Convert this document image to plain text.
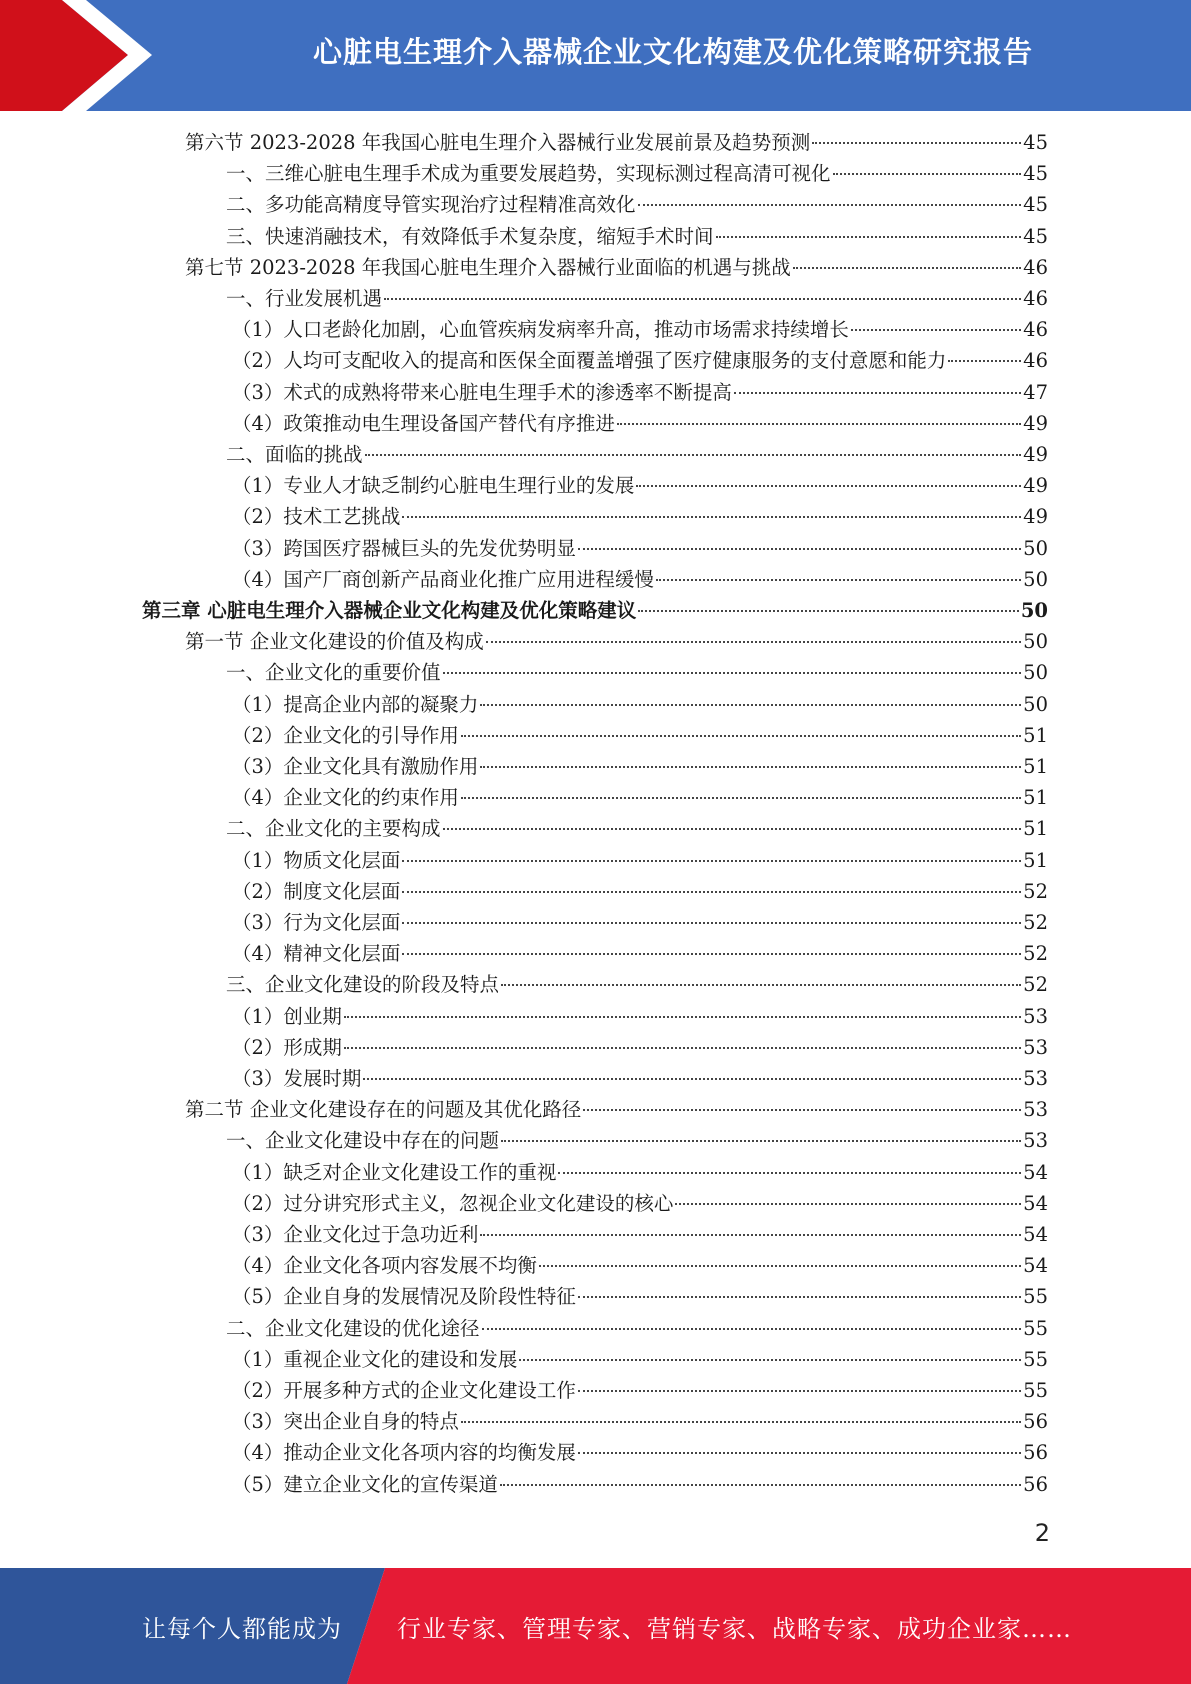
心脏电生理介入器械企业文化构建及优化策略研究报告
第六节 2023-2028 年我国心脏电生理介入器械行业发展前景及趋势预测	45
一、三维心脏电生理手术成为重要发展趋势，实现标测过程高清可视化	45
二、多功能高精度导管实现治疗过程精准高效化	45
三、快速消融技术，有效降低手术复杂度，缩短手术时间	45
第七节 2023-2028 年我国心脏电生理介入器械行业面临的机遇与挑战	46
一、行业发展机遇	46
（1）人口老龄化加剧，心血管疾病发病率升高，推动市场需求持续增长	46
（2）人均可支配收入的提高和医保全面覆盖增强了医疗健康服务的支付意愿和能力	46
（3）术式的成熟将带来心脏电生理手术的渗透率不断提高	47
（4）政策推动电生理设备国产替代有序推进	49
二、面临的挑战	49
（1）专业人才缺乏制约心脏电生理行业的发展	49
（2）技术工艺挑战	49
（3）跨国医疗器械巨头的先发优势明显	50
（4）国产厂商创新产品商业化推广应用进程缓慢	50
第三章 心脏电生理介入器械企业文化构建及优化策略建议	50
第一节 企业文化建设的价值及构成	50
一、企业文化的重要价值	50
（1）提高企业内部的凝聚力	50
（2）企业文化的引导作用	51
（3）企业文化具有激励作用	51
（4）企业文化的约束作用	51
二、企业文化的主要构成	51
（1）物质文化层面	51
（2）制度文化层面	52
（3）行为文化层面	52
（4）精神文化层面	52
三、企业文化建设的阶段及特点	52
（1）创业期	53
（2）形成期	53
（3）发展时期	53
第二节 企业文化建设存在的问题及其优化路径	53
一、企业文化建设中存在的问题	53
（1）缺乏对企业文化建设工作的重视	54
（2）过分讲究形式主义，忽视企业文化建设的核心	54
（3）企业文化过于急功近利	54
（4）企业文化各项内容发展不均衡	54
（5）企业自身的发展情况及阶段性特征	55
二、企业文化建设的优化途径	55
（1）重视企业文化的建设和发展	55
（2）开展多种方式的企业文化建设工作	55
（3）突出企业自身的特点	56
（4）推动企业文化各项内容的均衡发展	56
（5）建立企业文化的宣传渠道	56
2
让每个人都能成为 行业专家、管理专家、营销专家、战略专家、成功企业家……
